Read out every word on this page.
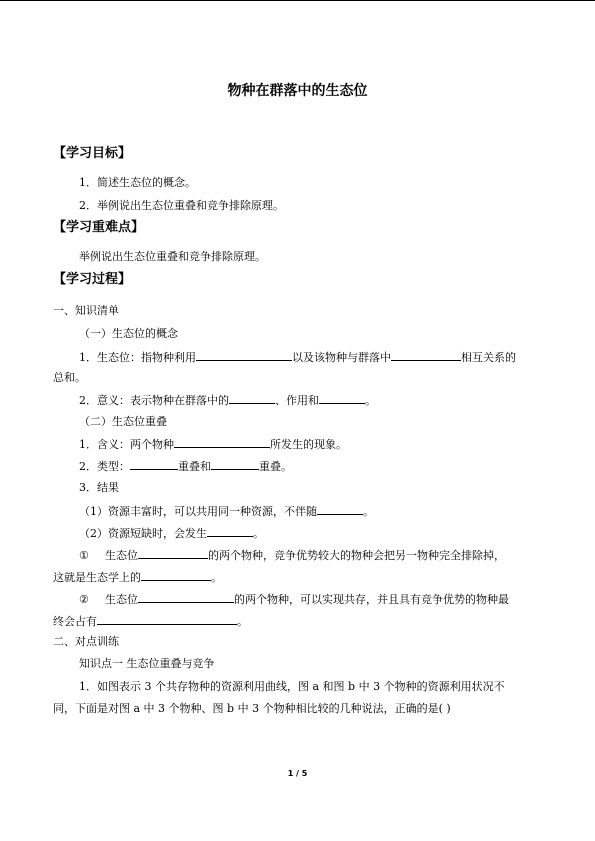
物种在群落中的生态位
【学习目标】
1．简述生态位的概念。
2．举例说出生态位重叠和竞争排除原理。
【学习重难点】
举例说出生态位重叠和竞争排除原理。
【学习过程】
一、知识清单
（一）生态位的概念
1．生态位：指物种利用	以及该物种与群落中	相互关系的
总和。
2．意义：表示物种在群落中的	、作用和	。
（二）生态位重叠
1．含义：两个物种	所发生的现象。
2．类型：	重叠和	重叠。
3．结果
（1）资源丰富时，可以共用同一种资源，不伴随	。
（2）资源短缺时，会发生	。
① 生态位	的两个物种，竞争优势较大的物种会把另一物种完全排除掉，
这就是生态学上的	。
② 生态位	的两个物种，可以实现共存，并且具有竞争优势的物种最
终会占有	。
二、对点训练
知识点一 生态位重叠与竞争
1．如图表示 3 个共存物种的资源利用曲线，图 a 和图 b 中 3 个物种的资源利用状况不
同，下面是对图 a 中 3 个物种、图 b 中 3 个物种相比较的几种说法，正确的是( )
1 / 5
